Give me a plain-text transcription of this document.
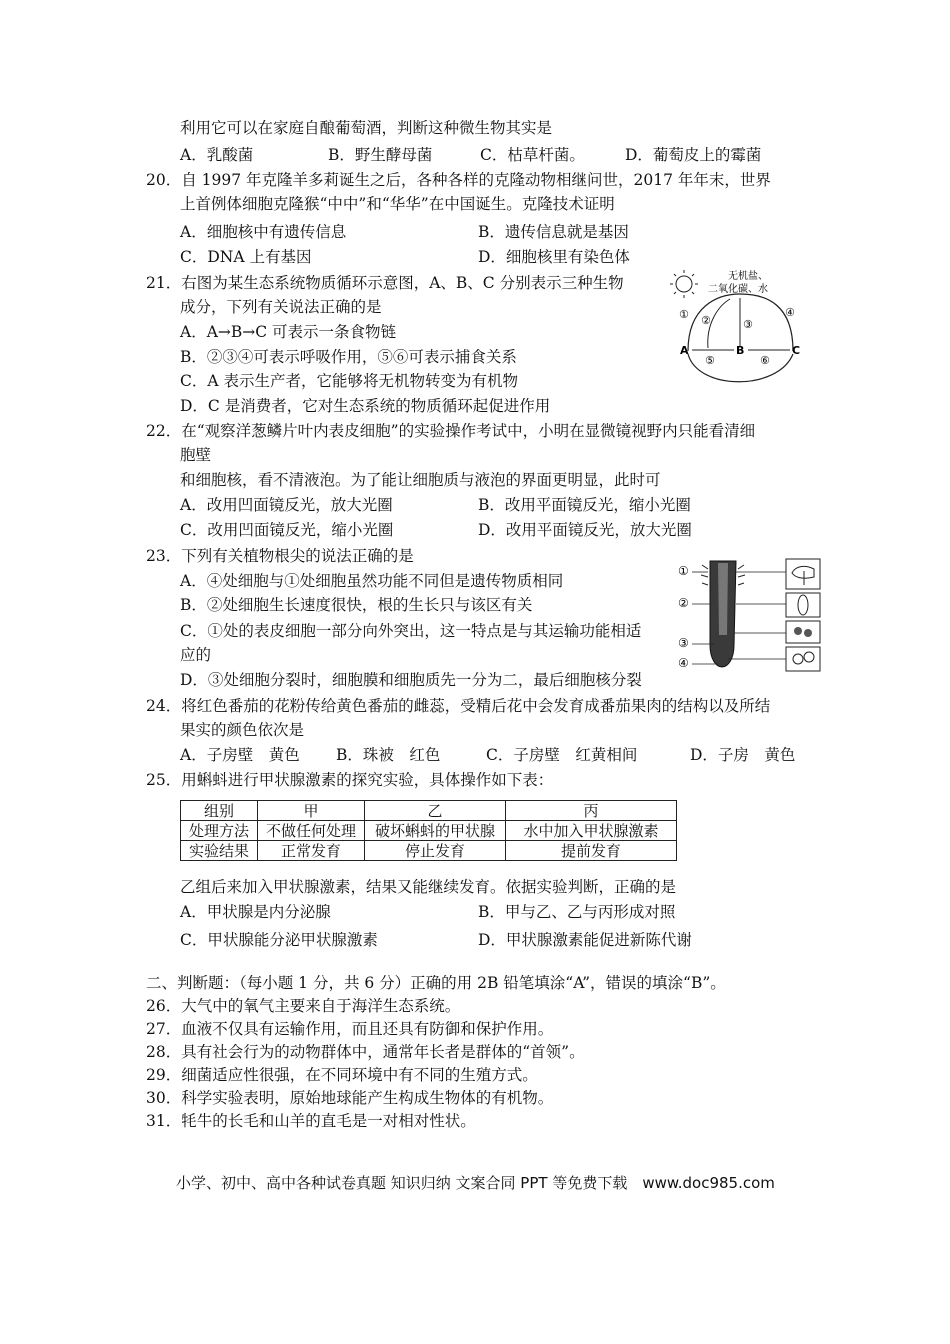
利用它可以在家庭自酿葡萄酒，判断这种微生物其实是
A．乳酸菌	B．野生酵母菌	C．枯草杆菌。	D．葡萄皮上的霉菌
20．自 1997 年克隆羊多莉诞生之后，各种各样的克隆动物相继问世，2017 年年末，世界
上首例体细胞克隆猴“中中”和“华华”在中国诞生。克隆技术证明
A．细胞核中有遗传信息	B．遗传信息就是基因
C．DNA 上有基因	D．细胞核里有染色体
21．右图为某生态系统物质循环示意图，A、B、C 分别表示三种生物
成分，下列有关说法正确的是
A．A→B→C 可表示一条食物链
B．②③④可表示呼吸作用，⑤⑥可表示捕食关系
C．A 表示生产者，它能够将无机物转变为有机物
D．C 是消费者，它对生态系统的物质循环起促进作用
无机盐、
二氧化碳、水
A	B	C
① ②	③
④
⑤	⑥
22．在“观察洋葱鳞片叶内表皮细胞”的实验操作考试中，小明在显微镜视野内只能看清细
胞壁
和细胞核，看不清液泡。为了能让细胞质与液泡的界面更明显，此时可
A．改用凹面镜反光，放大光圈	B．改用平面镜反光，缩小光圈
C．改用凹面镜反光，缩小光圈	D．改用平面镜反光，放大光圈
23．下列有关植物根尖的说法正确的是
A．④处细胞与①处细胞虽然功能不同但是遗传物质相同
B．②处细胞生长速度很快，根的生长只与该区有关
C．①处的表皮细胞一部分向外突出，这一特点是与其运输功能相适
应的
D．③处细胞分裂时，细胞膜和细胞质先一分为二，最后细胞核分裂
①
②
③
④
24．将红色番茄的花粉传给黄色番茄的雌蕊，受精后花中会发育成番茄果肉的结构以及所结
果实的颜色依次是
A．子房壁　黄色 B．珠被　红色	C．子房壁　红黄相间	D．子房　黄色
25．用蝌蚪进行甲状腺激素的探究实验，具体操作如下表：
组别	甲	乙	丙
处理方法	不做任何处理	破坏蝌蚪的甲状腺	水中加入甲状腺激素
实验结果	正常发育	停止发育	提前发育
乙组后来加入甲状腺激素，结果又能继续发育。依据实验判断，正确的是
A．甲状腺是内分泌腺	B．甲与乙、乙与丙形成对照
C．甲状腺能分泌甲状腺激素	D．甲状腺激素能促进新陈代谢
二、判断题：（每小题 1 分，共 6 分）正确的用 2B 铅笔填涂“A”，错误的填涂“B”。
26．大气中的氧气主要来自于海洋生态系统。
27．血液不仅具有运输作用，而且还具有防御和保护作用。
28．具有社会行为的动物群体中，通常年长者是群体的“首领”。
29．细菌适应性很强，在不同环境中有不同的生殖方式。
30．科学实验表明，原始地球能产生构成生物体的有机物。
31．牦牛的长毛和山羊的直毛是一对相对性状。
小学、初中、高中各种试卷真题 知识归纳 文案合同 PPT 等免费下载　www.doc985.com
